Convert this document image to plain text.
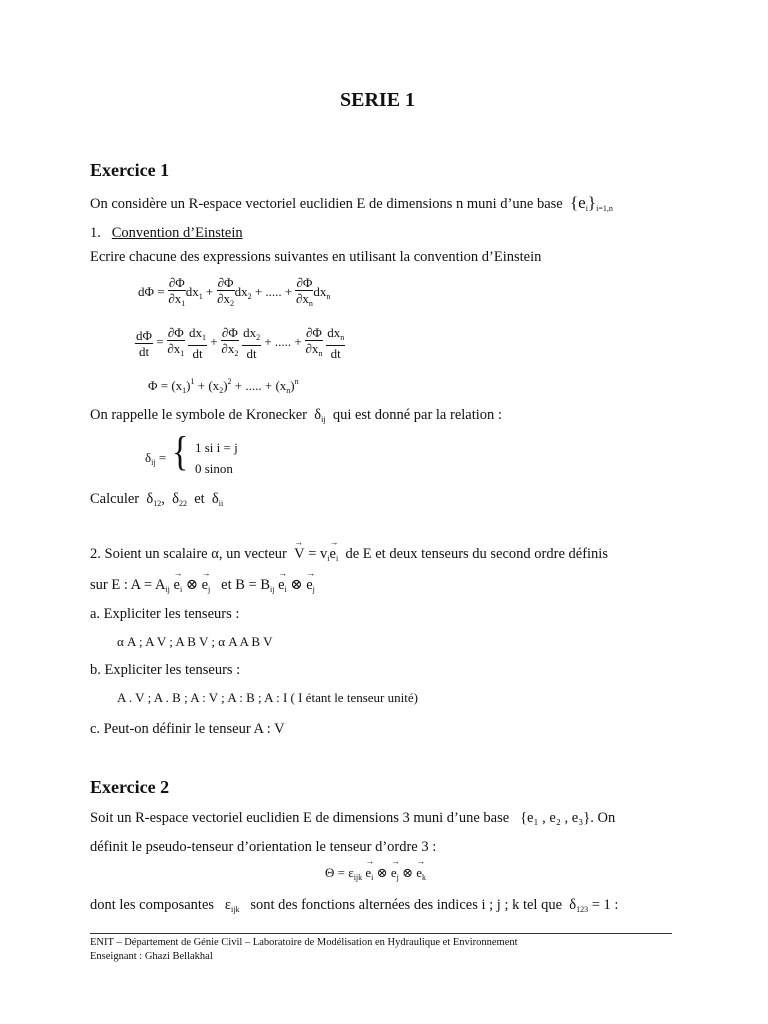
SERIE 1
Exercice 1
On considère un R-espace vectoriel euclidien E de dimensions n muni d’une base $\{e_i\}_{i=1,n}$
1. Convention d’Einstein
Ecrire chacune des expressions suivantes en utilisant la convention d’Einstein
$d\Phi = \frac{\partial\Phi}{\partial x_1} dx_1 + \frac{\partial\Phi}{\partial x_2} dx_2$ + ..... + $\frac{\partial\Phi}{\partial x_n} dx_n$
$\frac{d\Phi}{dt} = \frac{\partial\Phi}{\partial x_1}$
$\frac{dx_1}{dt} + \frac{\partial\Phi}{\partial x_2}$
$\frac{dx_2}{dt}$ + ..... + $\frac{\partial\Phi}{\partial x_n}$
$\frac{dx_n}{dt}$
$\Phi = (x_1)^1 + (x_2)^2$ + ..... + $(x_n)^n$
On rappelle le symbole de Kronecker $\delta_{ij}$ qui est donné par la relation :
$\delta_{ij}$ = { 1 si i = j
0 sinon
Calculer $\delta_{12}$, $\delta_{22}$ et $\delta_{ii}$
2. Soient un scalaire α, un vecteur → $V = v_i\to e_i$ de E et deux tenseurs du second ordre définis
sur E : $A = A_{ij} \to e_i$ ⊗ → $e_j$ et $B = B_{ij} \to e_i$ ⊗ → $e_j$
a. Expliciter les tenseurs :
α A ; A V ; A B V ; α A A B V
b. Expliciter les tenseurs :
A . V ; A . B ; A : V ; A : B ; A : I ( I étant le tenseur unité)
c. Peut-on définir le tenseur A : V
Exercice 2
Soit un R-espace vectoriel euclidien E de dimensions 3 muni d’une base {e₁ , e₂ , e₃}. On
définit le pseudo-tenseur d’orientation le tenseur d’ordre 3 :
$\Theta = \varepsilon_{ijk} \to e_i$ ⊗ → $e_j$ ⊗ → $e_k$
dont les composantes $\varepsilon_{ijk}$ sont des fonctions alternées des indices i ; j ; k tel que $\delta_{123} = 1$ :
ENIT – Département de Génie Civil – Laboratoire de Modélisation en Hydraulique et Environnement
Enseignant : Ghazi Bellakhal
